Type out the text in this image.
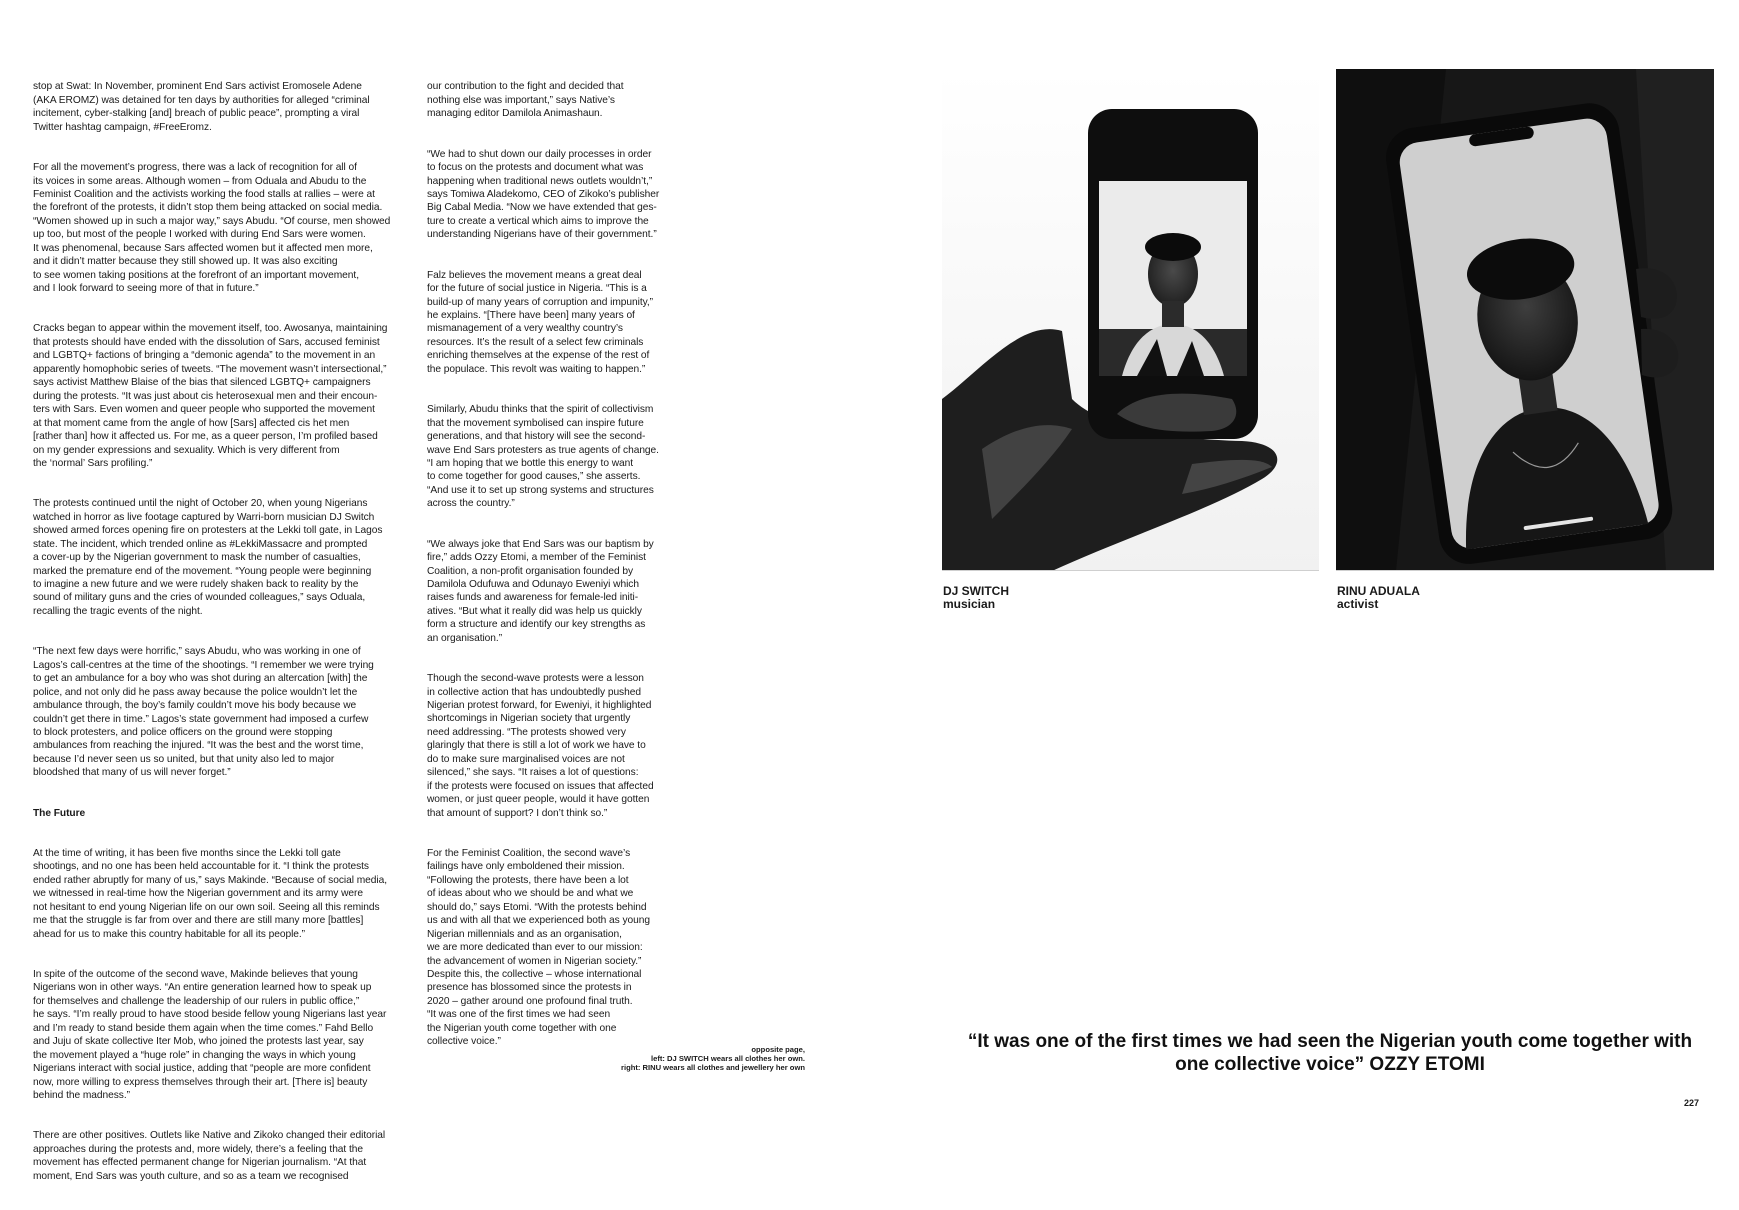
stop at Swat: In November, prominent End Sars activist Eromosele Adene
(AKA EROMZ) was detained for ten days by authorities for alleged “criminal
incitement, cyber-stalking [and] breach of public peace”, prompting a viral
Twitter hashtag campaign, #FreeEromz.

For all the movement’s progress, there was a lack of recognition for all of
its voices in some areas. Although women – from Oduala and Abudu to the
Feminist Coalition and the activists working the food stalls at rallies – were at
the forefront of the protests, it didn’t stop them being attacked on social media.
“Women showed up in such a major way,” says Abudu. “Of course, men showed
up too, but most of the people I worked with during End Sars were women.
It was phenomenal, because Sars affected women but it affected men more,
and it didn’t matter because they still showed up. It was also exciting
to see women taking positions at the forefront of an important movement,
and I look forward to seeing more of that in future.”

Cracks began to appear within the movement itself, too. Awosanya, maintaining
that protests should have ended with the dissolution of Sars, accused feminist
and LGBTQ+ factions of bringing a “demonic agenda” to the movement in an
apparently homophobic series of tweets. “The movement wasn’t intersectional,”
says activist Matthew Blaise of the bias that silenced LGBTQ+ campaigners
during the protests. “It was just about cis heterosexual men and their encoun-
ters with Sars. Even women and queer people who supported the movement
at that moment came from the angle of how [Sars] affected cis het men
[rather than] how it affected us. For me, as a queer person, I’m profiled based
on my gender expressions and sexuality. Which is very different from
the ‘normal’ Sars profiling.”

The protests continued until the night of October 20, when young Nigerians
watched in horror as live footage captured by Warri-born musician DJ Switch
showed armed forces opening fire on protesters at the Lekki toll gate, in Lagos
state. The incident, which trended online as #LekkiMassacre and prompted
a cover-up by the Nigerian government to mask the number of casualties,
marked the premature end of the movement. “Young people were beginning
to imagine a new future and we were rudely shaken back to reality by the
sound of military guns and the cries of wounded colleagues,” says Oduala,
recalling the tragic events of the night.

“The next few days were horrific,” says Abudu, who was working in one of
Lagos’s call-centres at the time of the shootings. “I remember we were trying
to get an ambulance for a boy who was shot during an altercation [with] the
police, and not only did he pass away because the police wouldn’t let the
ambulance through, the boy’s family couldn’t move his body because we
couldn’t get there in time.” Lagos’s state government had imposed a curfew
to block protesters, and police officers on the ground were stopping
ambulances from reaching the injured. “It was the best and the worst time,
because I’d never seen us so united, but that unity also led to major
bloodshed that many of us will never forget.”

The Future

At the time of writing, it has been five months since the Lekki toll gate
shootings, and no one has been held accountable for it. “I think the protests
ended rather abruptly for many of us,” says Makinde. “Because of social media,
we witnessed in real-time how the Nigerian government and its army were
not hesitant to end young Nigerian life on our own soil. Seeing all this reminds
me that the struggle is far from over and there are still many more [battles]
ahead for us to make this country habitable for all its people.”

In spite of the outcome of the second wave, Makinde believes that young
Nigerians won in other ways. “An entire generation learned how to speak up
for themselves and challenge the leadership of our rulers in public office,”
he says. “I’m really proud to have stood beside fellow young Nigerians last year
and I’m ready to stand beside them again when the time comes.” Fahd Bello
and Juju of skate collective Iter Mob, who joined the protests last year, say
the movement played a “huge role” in changing the ways in which young
Nigerians interact with social justice, adding that “people are more confident
now, more willing to express themselves through their art. [There is] beauty
behind the madness.”

There are other positives. Outlets like Native and Zikoko changed their editorial
approaches during the protests and, more widely, there’s a feeling that the
movement has effected permanent change for Nigerian journalism. “At that
moment, End Sars was youth culture, and so as a team we recognised

our contribution to the fight and decided that
nothing else was important,” says Native’s
managing editor Damilola Animashaun.

“We had to shut down our daily processes in order
to focus on the protests and document what was
happening when traditional news outlets wouldn’t,”
says Tomiwa Aladekomo, CEO of Zikoko’s publisher
Big Cabal Media. “Now we have extended that ges-
ture to create a vertical which aims to improve the
understanding Nigerians have of their government.”

Falz believes the movement means a great deal
for the future of social justice in Nigeria. “This is a
build-up of many years of corruption and impunity,”
he explains. “[There have been] many years of
mismanagement of a very wealthy country’s
resources. It’s the result of a select few criminals
enriching themselves at the expense of the rest of
the populace. This revolt was waiting to happen.”

Similarly, Abudu thinks that the spirit of collectivism
that the movement symbolised can inspire future
generations, and that history will see the second-
wave End Sars protesters as true agents of change.
“I am hoping that we bottle this energy to want
to come together for good causes,” she asserts.
“And use it to set up strong systems and structures
across the country.”

“We always joke that End Sars was our baptism by
fire,” adds Ozzy Etomi, a member of the Feminist
Coalition, a non-profit organisation founded by
Damilola Odufuwa and Odunayo Eweniyi which
raises funds and awareness for female-led initi-
atives. “But what it really did was help us quickly
form a structure and identify our key strengths as
an organisation.”

Though the second-wave protests were a lesson
in collective action that has undoubtedly pushed
Nigerian protest forward, for Eweniyi, it highlighted
shortcomings in Nigerian society that urgently
need addressing. “The protests showed very
glaringly that there is still a lot of work we have to
do to make sure marginalised voices are not
silenced,” she says. “It raises a lot of questions:
if the protests were focused on issues that affected
women, or just queer people, would it have gotten
that amount of support? I don’t think so.”

For the Feminist Coalition, the second wave’s
failings have only emboldened their mission.
“Following the protests, there have been a lot
of ideas about who we should be and what we
should do,” says Etomi. “With the protests behind
us and with all that we experienced both as young
Nigerian millennials and as an organisation,
we are more dedicated than ever to our mission:
the advancement of women in Nigerian society.”
Despite this, the collective – whose international
presence has blossomed since the protests in
2020 – gather around one profound final truth.
“It was one of the first times we had seen
the Nigerian youth come together with one
collective voice.”

opposite page,
left: DJ SWITCH wears all clothes her own.
right: RINU wears all clothes and jewellery her own
DJ SWITCH
musician
RINU ADUALA
activist
“It was one of the first times we had seen the Nigerian youth come together with one collective voice” OZZY ETOMI
227
